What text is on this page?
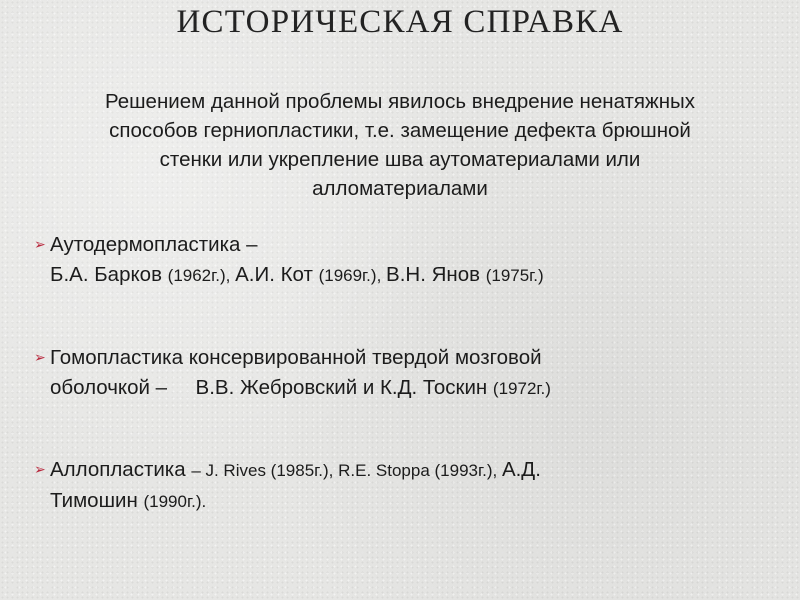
ИСТОРИЧЕСКАЯ СПРАВКА
Решением данной проблемы явилось внедрение ненатяжных
способов герниопластики, т.е. замещение дефекта брюшной
стенки или укрепление шва аутоматериалами или
алломатериалами
➢ Аутодермопластика –
Б.А. Барков (1962г.), А.И. Кот (1969г.), В.Н. Янов (1975г.)
➢ Гомопластика консервированной твердой мозговой
оболочкой –     В.В. Жебровский и К.Д. Тоскин (1972г.)
➢ Аллопластика – J. Rives (1985г.), R.E. Stoppa (1993г.), А.Д.
Тимошин (1990г.).
